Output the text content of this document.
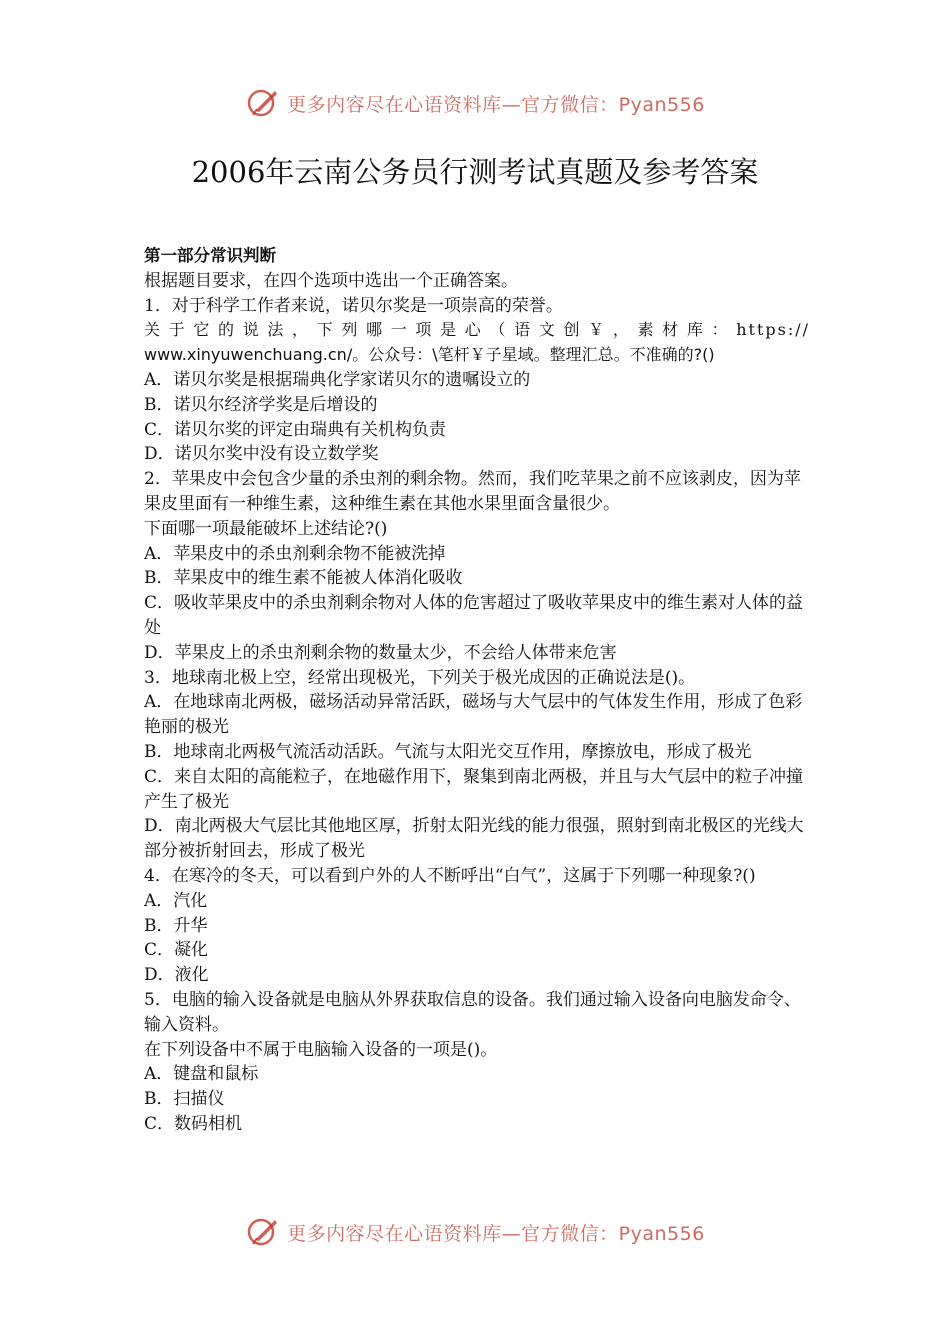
更多内容尽在心语资料库—官方微信：Pyan556
2006年云南公务员行测考试真题及参考答案

第一部分常识判断

根据题目要求，在四个选项中选出一个正确答案。

1．对于科学工作者来说，诺贝尔奖是一项崇高的荣誉。

关于它的说法，下列哪一项是心（语文创￥，素材库：https://

www.xinyuwenchuang.cn/。公众号：\笔杆￥子星域。整理汇总。不准确的?()

A．诺贝尔奖是根据瑞典化学家诺贝尔的遗嘱设立的

B．诺贝尔经济学奖是后增设的

C．诺贝尔奖的评定由瑞典有关机构负责

D．诺贝尔奖中没有设立数学奖

2．苹果皮中会包含少量的杀虫剂的剩余物。然而，我们吃苹果之前不应该剥皮，因为苹果皮里面有一种维生素，这种维生素在其他水果里面含量很少。

下面哪一项最能破坏上述结论?()

A．苹果皮中的杀虫剂剩余物不能被洗掉

B．苹果皮中的维生素不能被人体消化吸收

C．吸收苹果皮中的杀虫剂剩余物对人体的危害超过了吸收苹果皮中的维生素对人体的益处

D．苹果皮上的杀虫剂剩余物的数量太少，不会给人体带来危害

3．地球南北极上空，经常出现极光，下列关于极光成因的正确说法是()。

A．在地球南北两极，磁场活动异常活跃，磁场与大气层中的气体发生作用，形成了色彩艳丽的极光

B．地球南北两极气流活动活跃。气流与太阳光交互作用，摩擦放电，形成了极光

C．来自太阳的高能粒子，在地磁作用下，聚集到南北两极，并且与大气层中的粒子冲撞产生了极光

D．南北两极大气层比其他地区厚，折射太阳光线的能力很强，照射到南北极区的光线大部分被折射回去，形成了极光

4．在寒冷的冬天，可以看到户外的人不断呼出“白气”，这属于下列哪一种现象?()

A．汽化

B．升华

C．凝化

D．液化

5．电脑的输入设备就是电脑从外界获取信息的设备。我们通过输入设备向电脑发命令、输入资料。

在下列设备中不属于电脑输入设备的一项是()。

A．键盘和鼠标

B．扫描仪

C．数码相机

更多内容尽在心语资料库—官方微信：Pyan556
